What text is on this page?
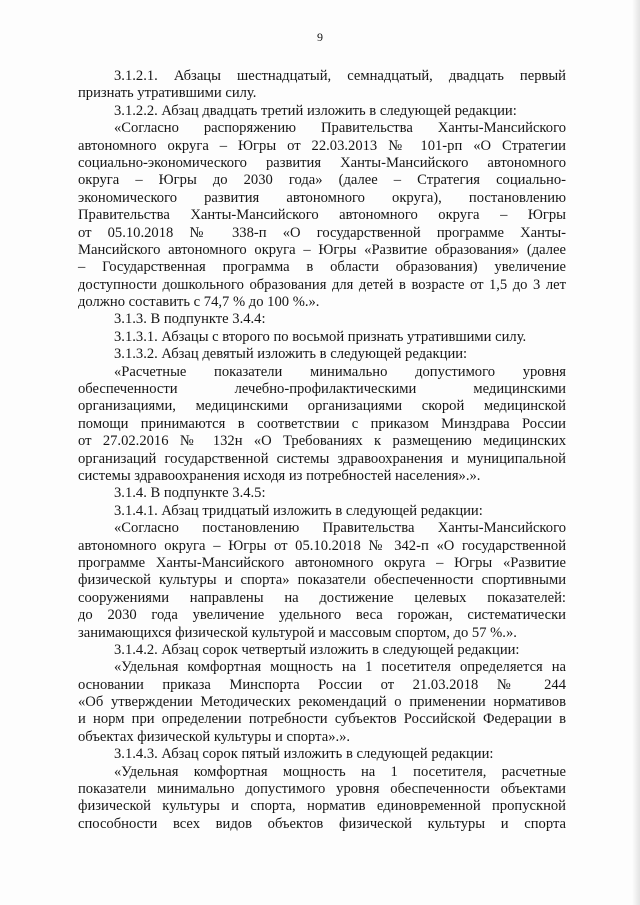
9
3.1.2.1. Абзацы шестнадцатый, семнадцатый, двадцать первый
признать утратившими силу.
3.1.2.2. Абзац двадцать третий изложить в следующей редакции:
«Согласно распоряжению Правительства Ханты-Мансийского
автономного округа – Югры от 22.03.2013 № 101-рп «О Стратегии
социально-экономического развития Ханты-Мансийского автономного
округа – Югры до 2030 года» (далее – Стратегия социально-
экономического развития автономного округа), постановлению
Правительства Ханты-Мансийского автономного округа – Югры
от 05.10.2018 № 338-п «О государственной программе Ханты-
Мансийского автономного округа – Югры «Развитие образования» (далее
– Государственная программа в области образования) увеличение
доступности дошкольного образования для детей в возрасте от 1,5 до 3 лет
должно составить с 74,7 % до 100 %.».
3.1.3. В подпункте 3.4.4:
3.1.3.1. Абзацы с второго по восьмой признать утратившими силу.
3.1.3.2. Абзац девятый изложить в следующей редакции:
«Расчетные показатели минимально допустимого уровня
обеспеченности лечебно-профилактическими медицинскими
организациями, медицинскими организациями скорой медицинской
помощи принимаются в соответствии с приказом Минздрава России
от 27.02.2016 № 132н «О Требованиях к размещению медицинских
организаций государственной системы здравоохранения и муниципальной
системы здравоохранения исходя из потребностей населения».».
3.1.4. В подпункте 3.4.5:
3.1.4.1. Абзац тридцатый изложить в следующей редакции:
«Согласно постановлению Правительства Ханты-Мансийского
автономного округа – Югры от 05.10.2018 № 342-п «О государственной
программе Ханты-Мансийского автономного округа – Югры «Развитие
физической культуры и спорта» показатели обеспеченности спортивными
сооружениями направлены на достижение целевых показателей:
до 2030 года увеличение удельного веса горожан, систематически
занимающихся физической культурой и массовым спортом, до 57 %.».
3.1.4.2. Абзац сорок четвертый изложить в следующей редакции:
«Удельная комфортная мощность на 1 посетителя определяется на
основании приказа Минспорта России от 21.03.2018 № 244
«Об утверждении Методических рекомендаций о применении нормативов
и норм при определении потребности субъектов Российской Федерации в
объектах физической культуры и спорта».».
3.1.4.3. Абзац сорок пятый изложить в следующей редакции:
«Удельная комфортная мощность на 1 посетителя, расчетные
показатели минимально допустимого уровня обеспеченности объектами
физической культуры и спорта, норматив единовременной пропускной
способности всех видов объектов физической культуры и спорта
